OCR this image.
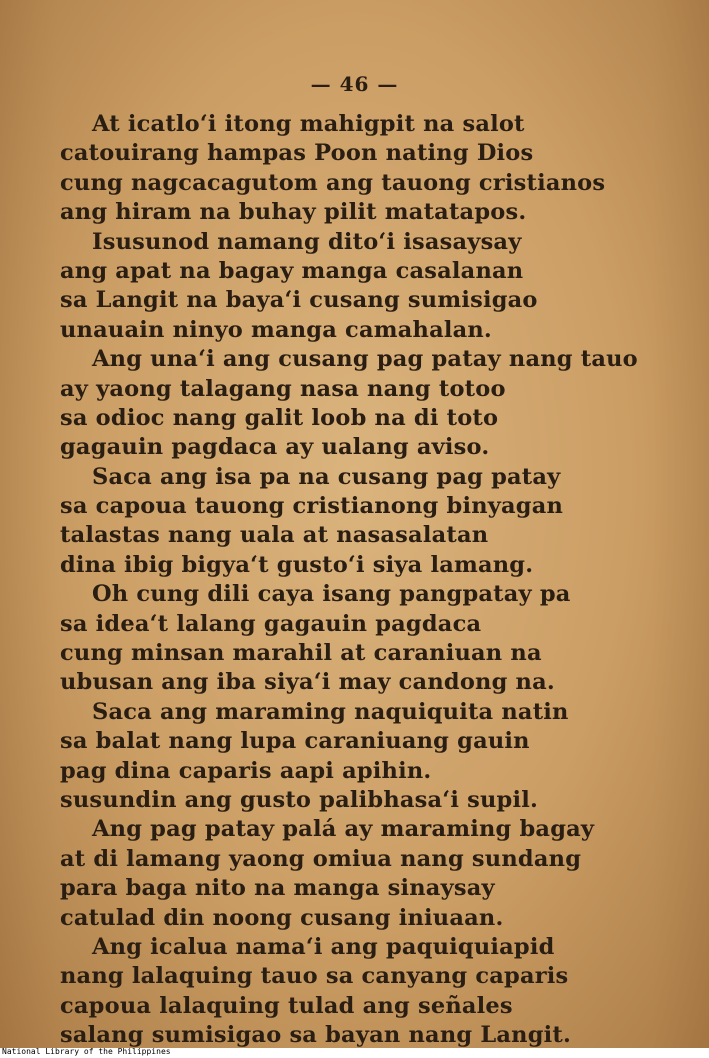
— 46 —
At icatlo‘i itong mahigpit na salot
catouirang hampas Poon nating Dios
cung nagcacagutom ang tauong cristianos
ang hiram na buhay pilit matatapos.
Isusunod namang dito‘i isasaysay
ang apat na bagay manga casalanan
sa Langit na baya‘i cusang sumisigao
unauain ninyo manga camahalan.
Ang una‘i ang cusang pag patay nang tauo
ay yaong talagang nasa nang totoo
sa odioc nang galit loob na di toto
gagauin pagdaca ay ualang aviso.
Saca ang isa pa na cusang pag patay
sa capoua tauong cristianong binyagan
talastas nang uala at nasasalatan
dina ibig bigya‘t gusto‘i siya lamang.
Oh cung dili caya isang pangpatay pa
sa idea‘t lalang gagauin pagdaca
cung minsan marahil at caraniuan na
ubusan ang iba siya‘i may candong na.
Saca ang maraming naquiquita natin
sa balat nang lupa caraniuang gauin
pag dina caparis aapi apihin.
susundin ang gusto palibhasa‘i supil.
Ang pag patay palá ay maraming bagay
at di lamang yaong omiua nang sundang
para baga nito na manga sinaysay
catulad din noong cusang iniuaan.
Ang icalua nama‘i ang paquiquiapid
nang lalaquing tauo sa canyang caparis
capoua lalaquing tulad ang señales
salang sumisigao sa bayan nang Langit.
National Library of the Philippines
